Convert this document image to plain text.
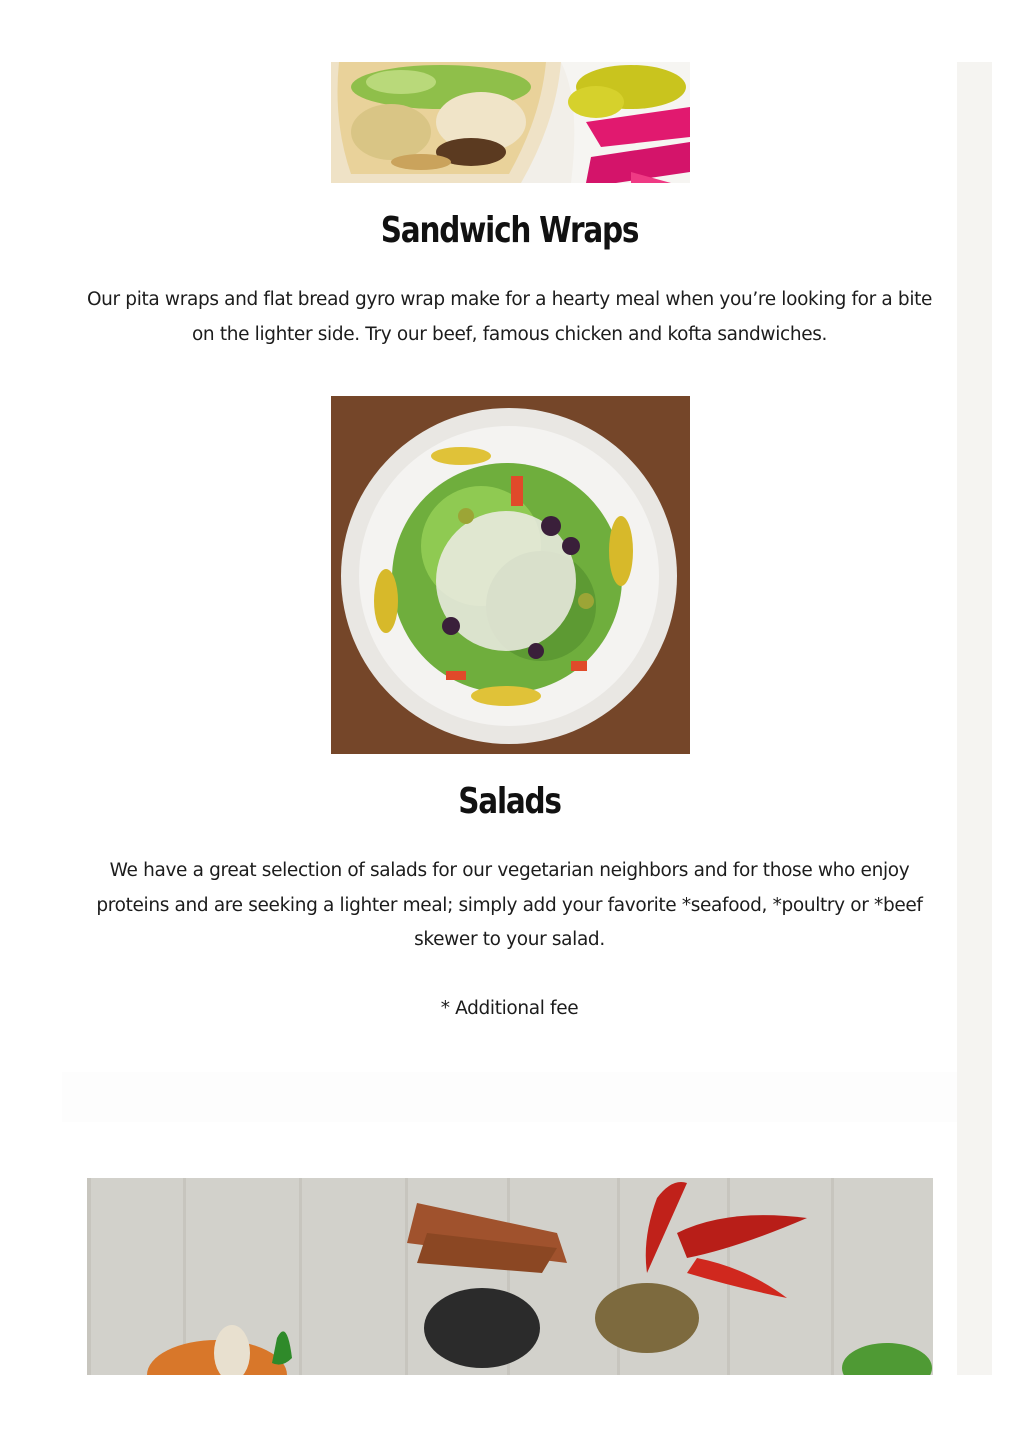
Sandwich Wraps

Our pita wraps and flat bread gyro wrap make for a hearty meal when you’re looking for a bite on the lighter side. Try our beef, famous chicken and kofta sandwiches.

Salads

We have a great selection of salads for our vegetarian neighbors and for those who enjoy proteins and are seeking a lighter meal; simply add your favorite *seafood, *poultry or *beef skewer to your salad.

* Additional fee
